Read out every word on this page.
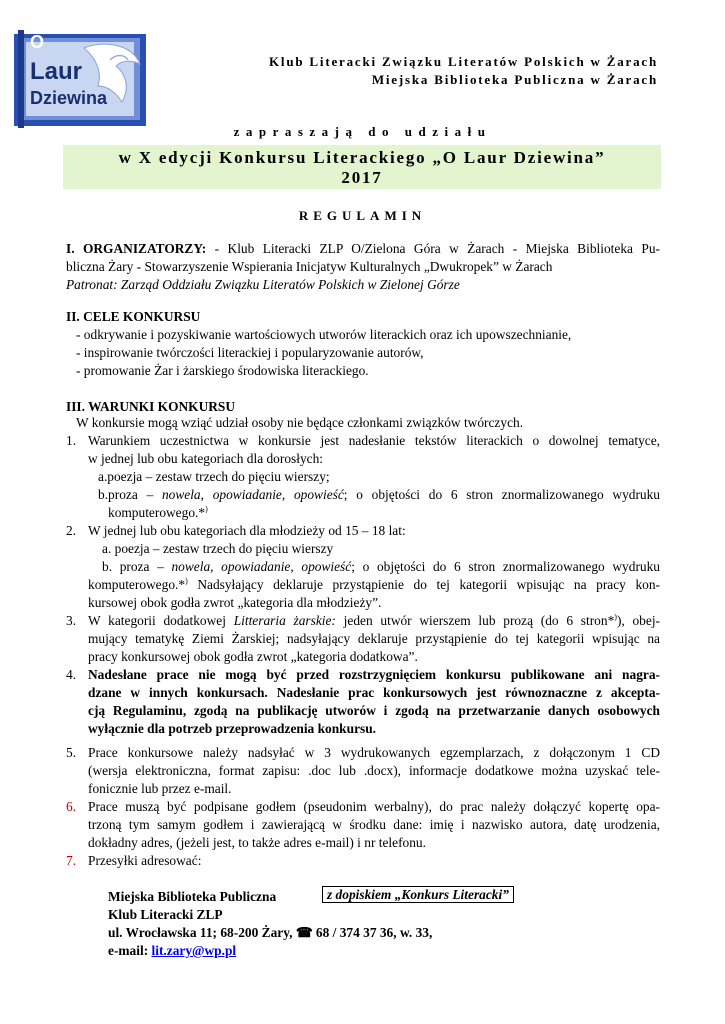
O
Laur
Dziewina
Klub Literacki Związku Literatów Polskich w Żarach
Miejska Biblioteka Publiczna w Żarach
zapraszają do udziału
w X edycji Konkursu Literackiego „O Laur Dziewina”
2017
REGULAMIN
I. ORGANIZATORZY: - Klub Literacki ZLP O/Zielona Góra w Żarach - Miejska Biblioteka Pu-
bliczna Żary - Stowarzyszenie Wspierania Inicjatyw Kulturalnych „Dwukropek” w Żarach
Patronat: Zarząd Oddziału Związku Literatów Polskich w Zielonej Górze
II. CELE KONKURSU
- odkrywanie i pozyskiwanie wartościowych utworów literackich oraz ich upowszechnianie,
- inspirowanie twórczości literackiej i popularyzowanie autorów,
- promowanie Żar i żarskiego środowiska literackiego.
III. WARUNKI KONKURSU
W konkursie mogą wziąć udział osoby nie będące członkami związków twórczych.
1. Warunkiem uczestnictwa w konkursie jest nadesłanie tekstów literackich o dowolnej tematyce,
w jednej lub obu kategoriach dla dorosłych:
a.poezja – zestaw trzech do pięciu wierszy;
b.proza – nowela, opowiadanie, opowieść; o objętości do 6 stron znormalizowanego wydruku
komputerowego.*)
2. W jednej lub obu kategoriach dla młodzieży od 15 – 18 lat:
a. poezja – zestaw trzech do pięciu wierszy
b. proza – nowela, opowiadanie, opowieść; o objętości do 6 stron znormalizowanego wydruku
komputerowego.*) Nadsyłający deklaruje przystąpienie do tej kategorii wpisując na pracy kon-
kursowej obok godła zwrot „kategoria dla młodzieży”.
3. W kategorii dodatkowej Litteraria żarskie: jeden utwór wierszem lub prozą (do 6 stron*)), obej-
mujący tematykę Ziemi Żarskiej; nadsyłający deklaruje przystąpienie do tej kategorii wpisując na
pracy konkursowej obok godła zwrot „kategoria dodatkowa”.
4. Nadesłane prace nie mogą być przed rozstrzygnięciem konkursu publikowane ani nagra-
dzane w innych konkursach. Nadesłanie prac konkursowych jest równoznaczne z akcepta-
cją Regulaminu, zgodą na publikację utworów i zgodą na przetwarzanie danych osobowych
wyłącznie dla potrzeb przeprowadzenia konkursu.
5. Prace konkursowe należy nadsyłać w 3 wydrukowanych egzemplarzach, z dołączonym 1 CD
(wersja elektroniczna, format zapisu: .doc lub .docx), informacje dodatkowe można uzyskać tele-
fonicznie lub przez e-mail.
6. Prace muszą być podpisane godłem (pseudonim werbalny), do prac należy dołączyć kopertę opa-
trzoną tym samym godłem i zawierającą w środku dane: imię i nazwisko autora, datę urodzenia,
dokładny adres, (jeżeli jest, to także adres e-mail) i nr telefonu.
7. Przesyłki adresować:
Miejska Biblioteka Publiczna	z dopiskiem „Konkurs Literacki”
Klub Literacki ZLP
ul. Wrocławska 11; 68-200 Żary, ☎ 68 / 374 37 36, w. 33,
e-mail: lit.zary@wp.pl
